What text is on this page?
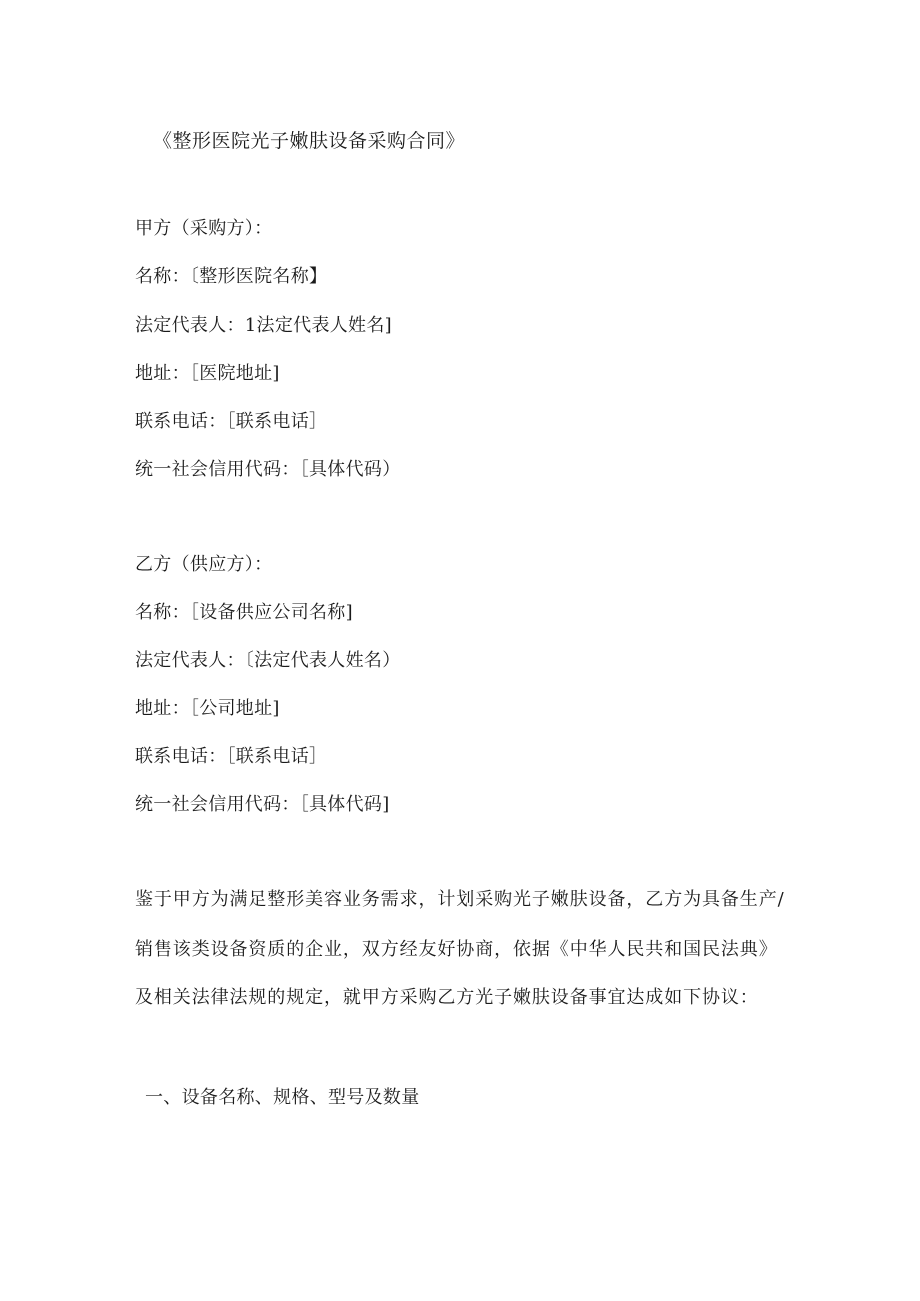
《整形医院光子嫩肤设备采购合同》
甲方（采购方）：
名称：〔整形医院名称】
法定代表人：1法定代表人姓名]
地址：［医院地址]
联系电话：［联系电话］
统一社会信用代码：［具体代码）
乙方（供应方）：
名称：［设备供应公司名称]
法定代表人：〔法定代表人姓名）
地址：［公司地址]
联系电话：［联系电话］
统一社会信用代码：［具体代码]
鉴于甲方为满足整形美容业务需求，计划采购光子嫩肤设备，乙方为具备生产/
销售该类设备资质的企业，双方经友好协商，依据《中华人民共和国民法典》
及相关法律法规的规定，就甲方采购乙方光子嫩肤设备事宜达成如下协议：
一、设备名称、规格、型号及数量
